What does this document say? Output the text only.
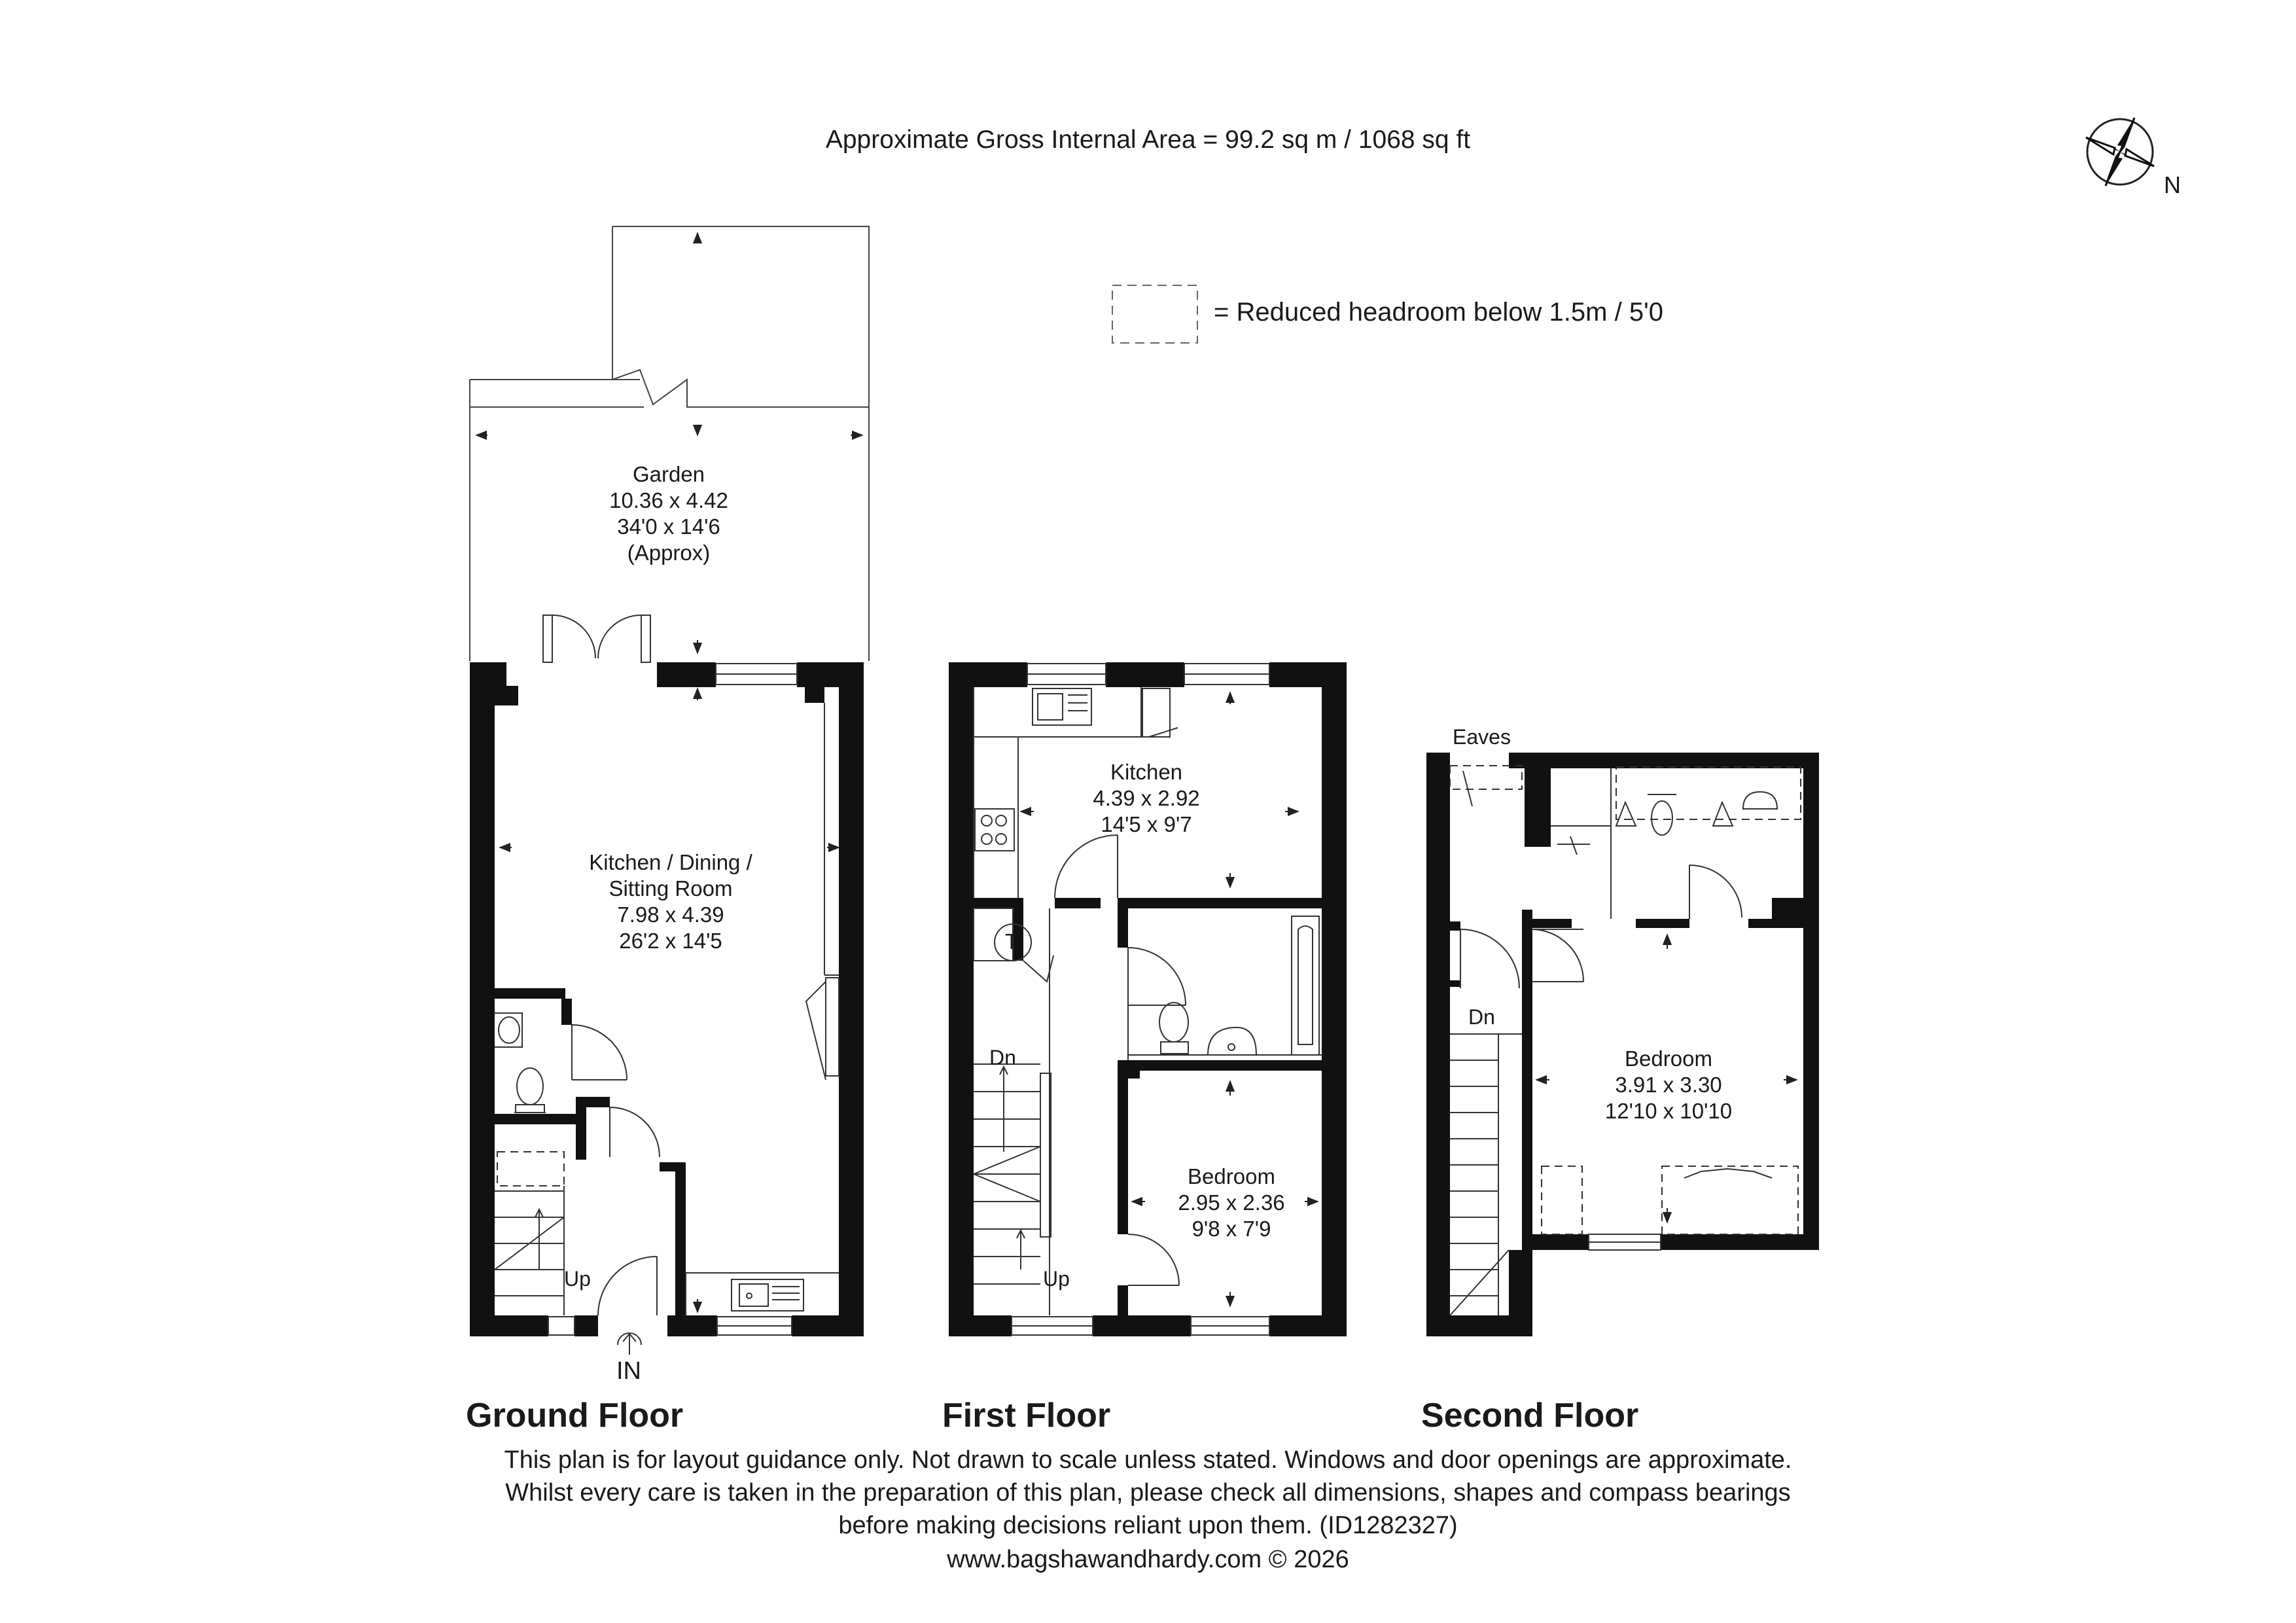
Approximate Gross Internal Area = 99.2 sq m / 1068 sq ft
= Reduced headroom below 1.5m / 5'0
N
Garden
10.36 x 4.42
34'0 x 14'6
(Approx)
Kitchen / Dining /
Sitting Room
7.98 x 4.39
26'2 x 14'5
Up
IN
Kitchen
4.39 x 2.92
14'5 x 9'7
Bedroom
2.95 x 2.36
9'8 x 7'9
T
Dn
Up
Eaves
Dn
Bedroom
3.91 x 3.30
12'10 x 10'10
Ground Floor	First Floor	Second Floor
This plan is for layout guidance only. Not drawn to scale unless stated. Windows and door openings are approximate.
Whilst every care is taken in the preparation of this plan, please check all dimensions, shapes and compass bearings
before making decisions reliant upon them. (ID1282327)
www.bagshawandhardy.com © 2026
